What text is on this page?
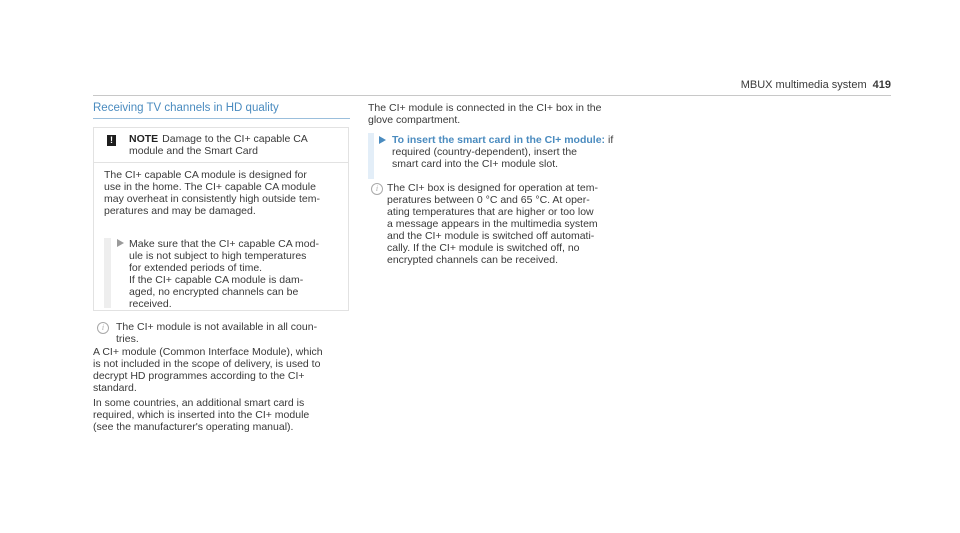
MBUX multimedia system 419
Receiving TV channels in HD quality
! NOTE Damage to the CI+ capable CA
module and the Smart Card
The CI+ capable CA module is designed for
use in the home. The CI+ capable CA module
may overheat in consistently high outside tem-
peratures and may be damaged.
Make sure that the CI+ capable CA mod-
ule is not subject to high temperatures
for extended periods of time.
If the CI+ capable CA module is dam-
aged, no encrypted channels can be
received.
i	The CI+ module is not available in all coun-
tries.
A CI+ module (Common Interface Module), which
is not included in the scope of delivery, is used to
decrypt HD programmes according to the CI+
standard.
In some countries, an additional smart card is
required, which is inserted into the CI+ module
(see the manufacturer's operating manual).
The CI+ module is connected in the CI+ box in the
glove compartment.
To insert the smart card in the CI+ module: if
required (country-dependent), insert the
smart card into the CI+ module slot.
i The CI+ box is designed for operation at tem-
peratures between 0 °C and 65 °C. At oper-
ating temperatures that are higher or too low
a message appears in the multimedia system
and the CI+ module is switched off automati-
cally. If the CI+ module is switched off, no
encrypted channels can be received.
